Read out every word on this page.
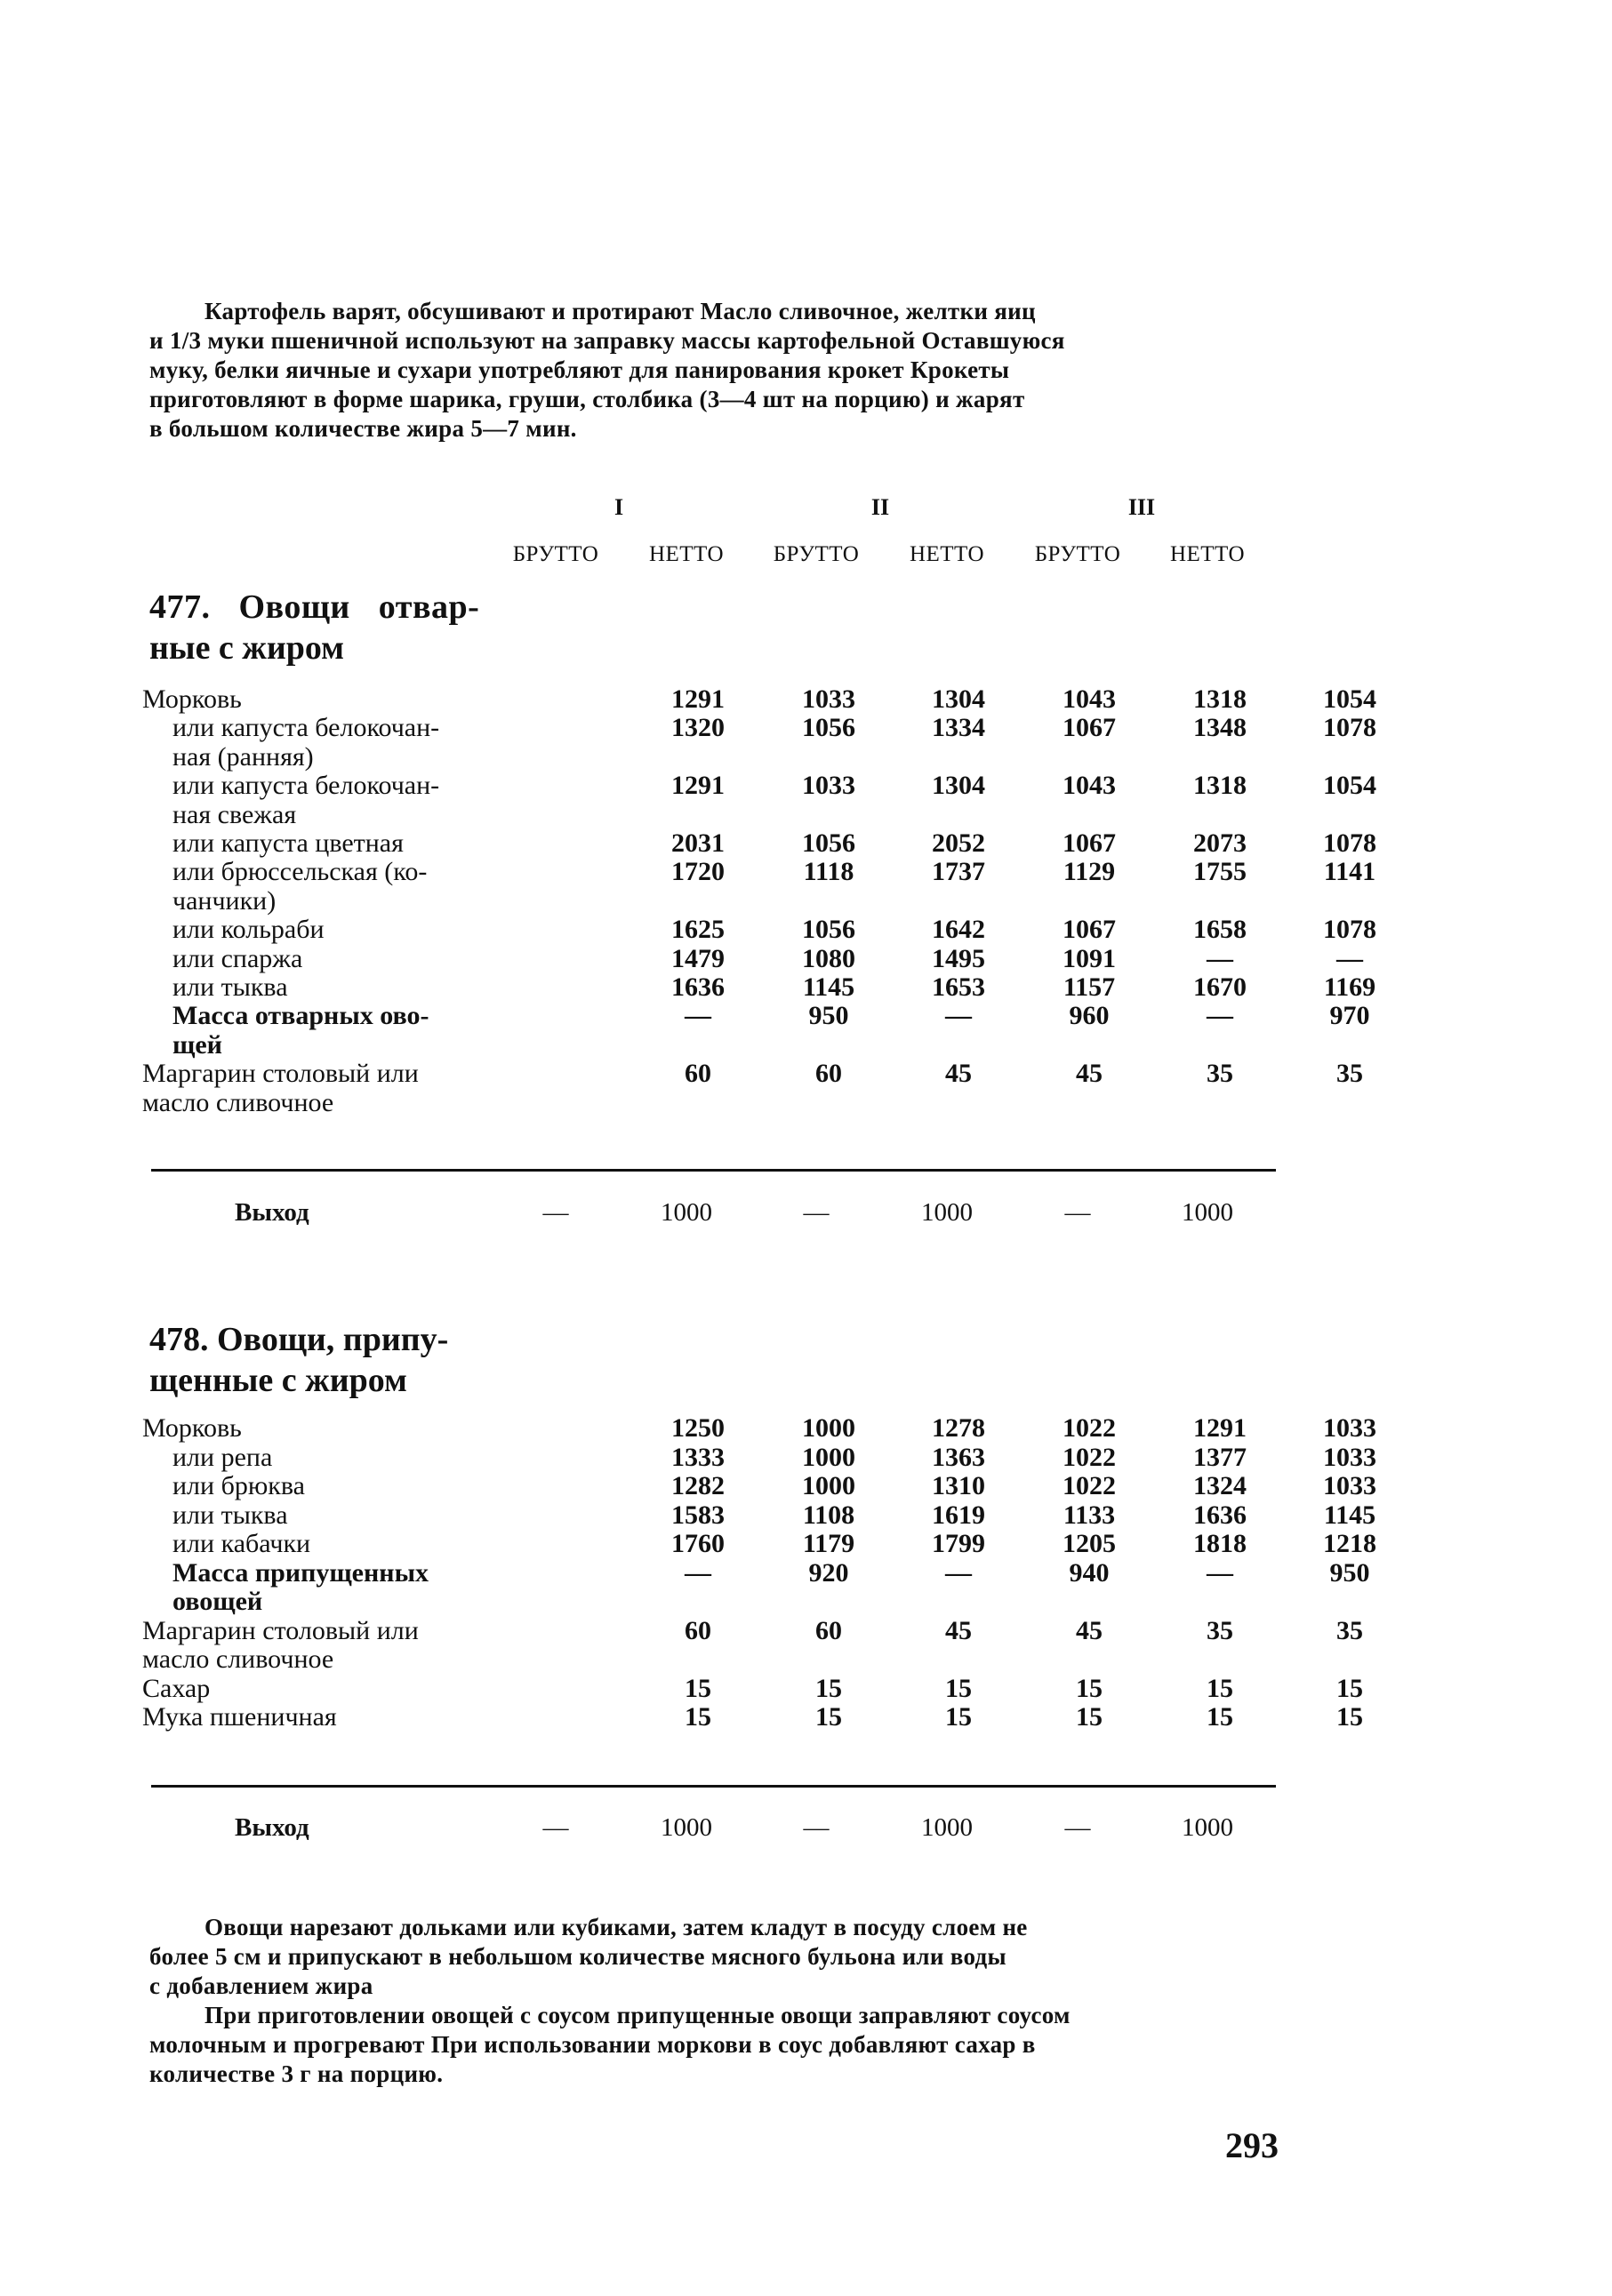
Картофель варят, обсушивают и протирают Масло сливочное, желтки яиц
и 1/3 муки пшеничной используют на заправку массы картофельной Оставшуюся
муку, белки яичные и сухари употребляют для панирования крокет Крокеты
приготовляют в форме шарика, груши, столбика (3—4 шт на порцию) и жарят
в большом количестве жира 5—7 мин.
I	II	III
БРУТТО	НЕТТО	БРУТТО	НЕТТО	БРУТТО	НЕТТО
477. Овощи отвар-
ные с жиром
Морковь	1291	1033	1304	1043	1318	1054
или капуста белокочан-	1320	1056	1334	1067	1348	1078
ная (ранняя)
или капуста белокочан-	1291	1033	1304	1043	1318	1054
ная свежая
или капуста цветная	2031	1056	2052	1067	2073	1078
или брюссельская (ко-	1720	1118	1737	1129	1755	1141
чанчики)
или кольраби	1625	1056	1642	1067	1658	1078
или спаржа	1479	1080	1495	1091	—	—
или тыква	1636	1145	1653	1157	1670	1169
Масса отварных ово-	—	950	—	960	—	970
щей
Маргарин столовый или	60	60	45	45	35	35
масло сливочное
Выход	—	1000	—	1000	—	1000
478. Овощи, припу-
щенные с жиром
Морковь	1250	1000	1278	1022	1291	1033
или репа	1333	1000	1363	1022	1377	1033
или брюква	1282	1000	1310	1022	1324	1033
или тыква	1583	1108	1619	1133	1636	1145
или кабачки	1760	1179	1799	1205	1818	1218
Масса припущенных	—	920	—	940	—	950
овощей
Маргарин столовый или	60	60	45	45	35	35
масло сливочное
Сахар	15	15	15	15	15	15
Мука пшеничная	15	15	15	15	15	15
Выход	—	1000	—	1000	—	1000
Овощи нарезают дольками или кубиками, затем кладут в посуду слоем не
более 5 см и припускают в небольшом количестве мясного бульона или воды
с добавлением жира
При приготовлении овощей с соусом припущенные овощи заправляют соусом
молочным и прогревают При использовании моркови в соус добавляют сахар в
количестве 3 г на порцию.
293
